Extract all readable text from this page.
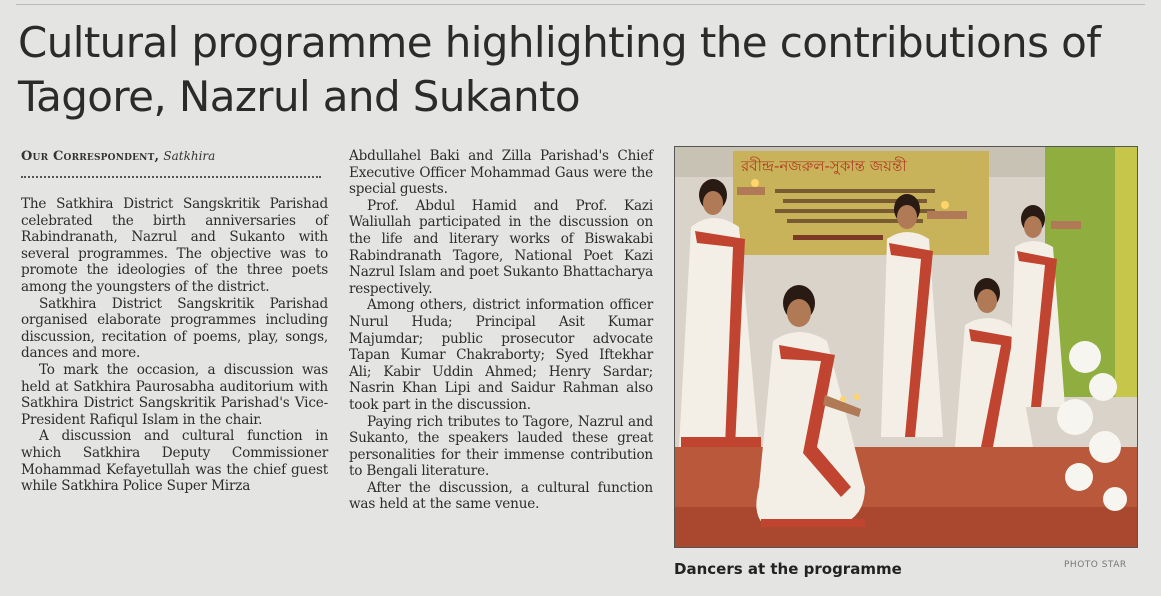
Cultural programme highlighting the contributions of Tagore, Nazrul and Sukanto
Our Correspondent, Satkhira

The Satkhira District Sangskritik Parishad celebrated the birth anniversaries of Rabindranath, Nazrul and Sukanto with several programmes. The objective was to promote the ideologies of the three poets among the youngsters of the district.

Satkhira District Sangskritik Parishad organised elaborate programmes including discussion, recitation of poems, play, songs, dances and more.

To mark the occasion, a discussion was held at Satkhira Paurosabha auditorium with Satkhira District Sangskritik Parishad's Vice-President Rafiqul Islam in the chair.

A discussion and cultural function in which Satkhira Deputy Commissioner Mohammad Kefayetullah was the chief guest while Satkhira Police Super Mirza

Abdullahel Baki and Zilla Parishad's Chief Executive Officer Mohammad Gaus were the special guests.

Prof. Abdul Hamid and Prof. Kazi Waliullah participated in the discussion on the life and literary works of Biswakabi Rabindranath Tagore, National Poet Kazi Nazrul Islam and poet Sukanto Bhattacharya respectively.

Among others, district information officer Nurul Huda; Principal Asit Kumar Majumdar; public prosecutor advocate Tapan Kumar Chakraborty; Syed Iftekhar Ali; Kabir Uddin Ahmed; Henry Sardar; Nasrin Khan Lipi and Saidur Rahman also took part in the discussion.

Paying rich tributes to Tagore, Nazrul and Sukanto, the speakers lauded these great personalities for their immense contribution to Bengali literature.

After the discussion, a cultural function was held at the same venue.

রবীন্দ্র-নজরুল-সুকান্ত জয়ন্তী
Dancers at the programme	PHOTO STAR
